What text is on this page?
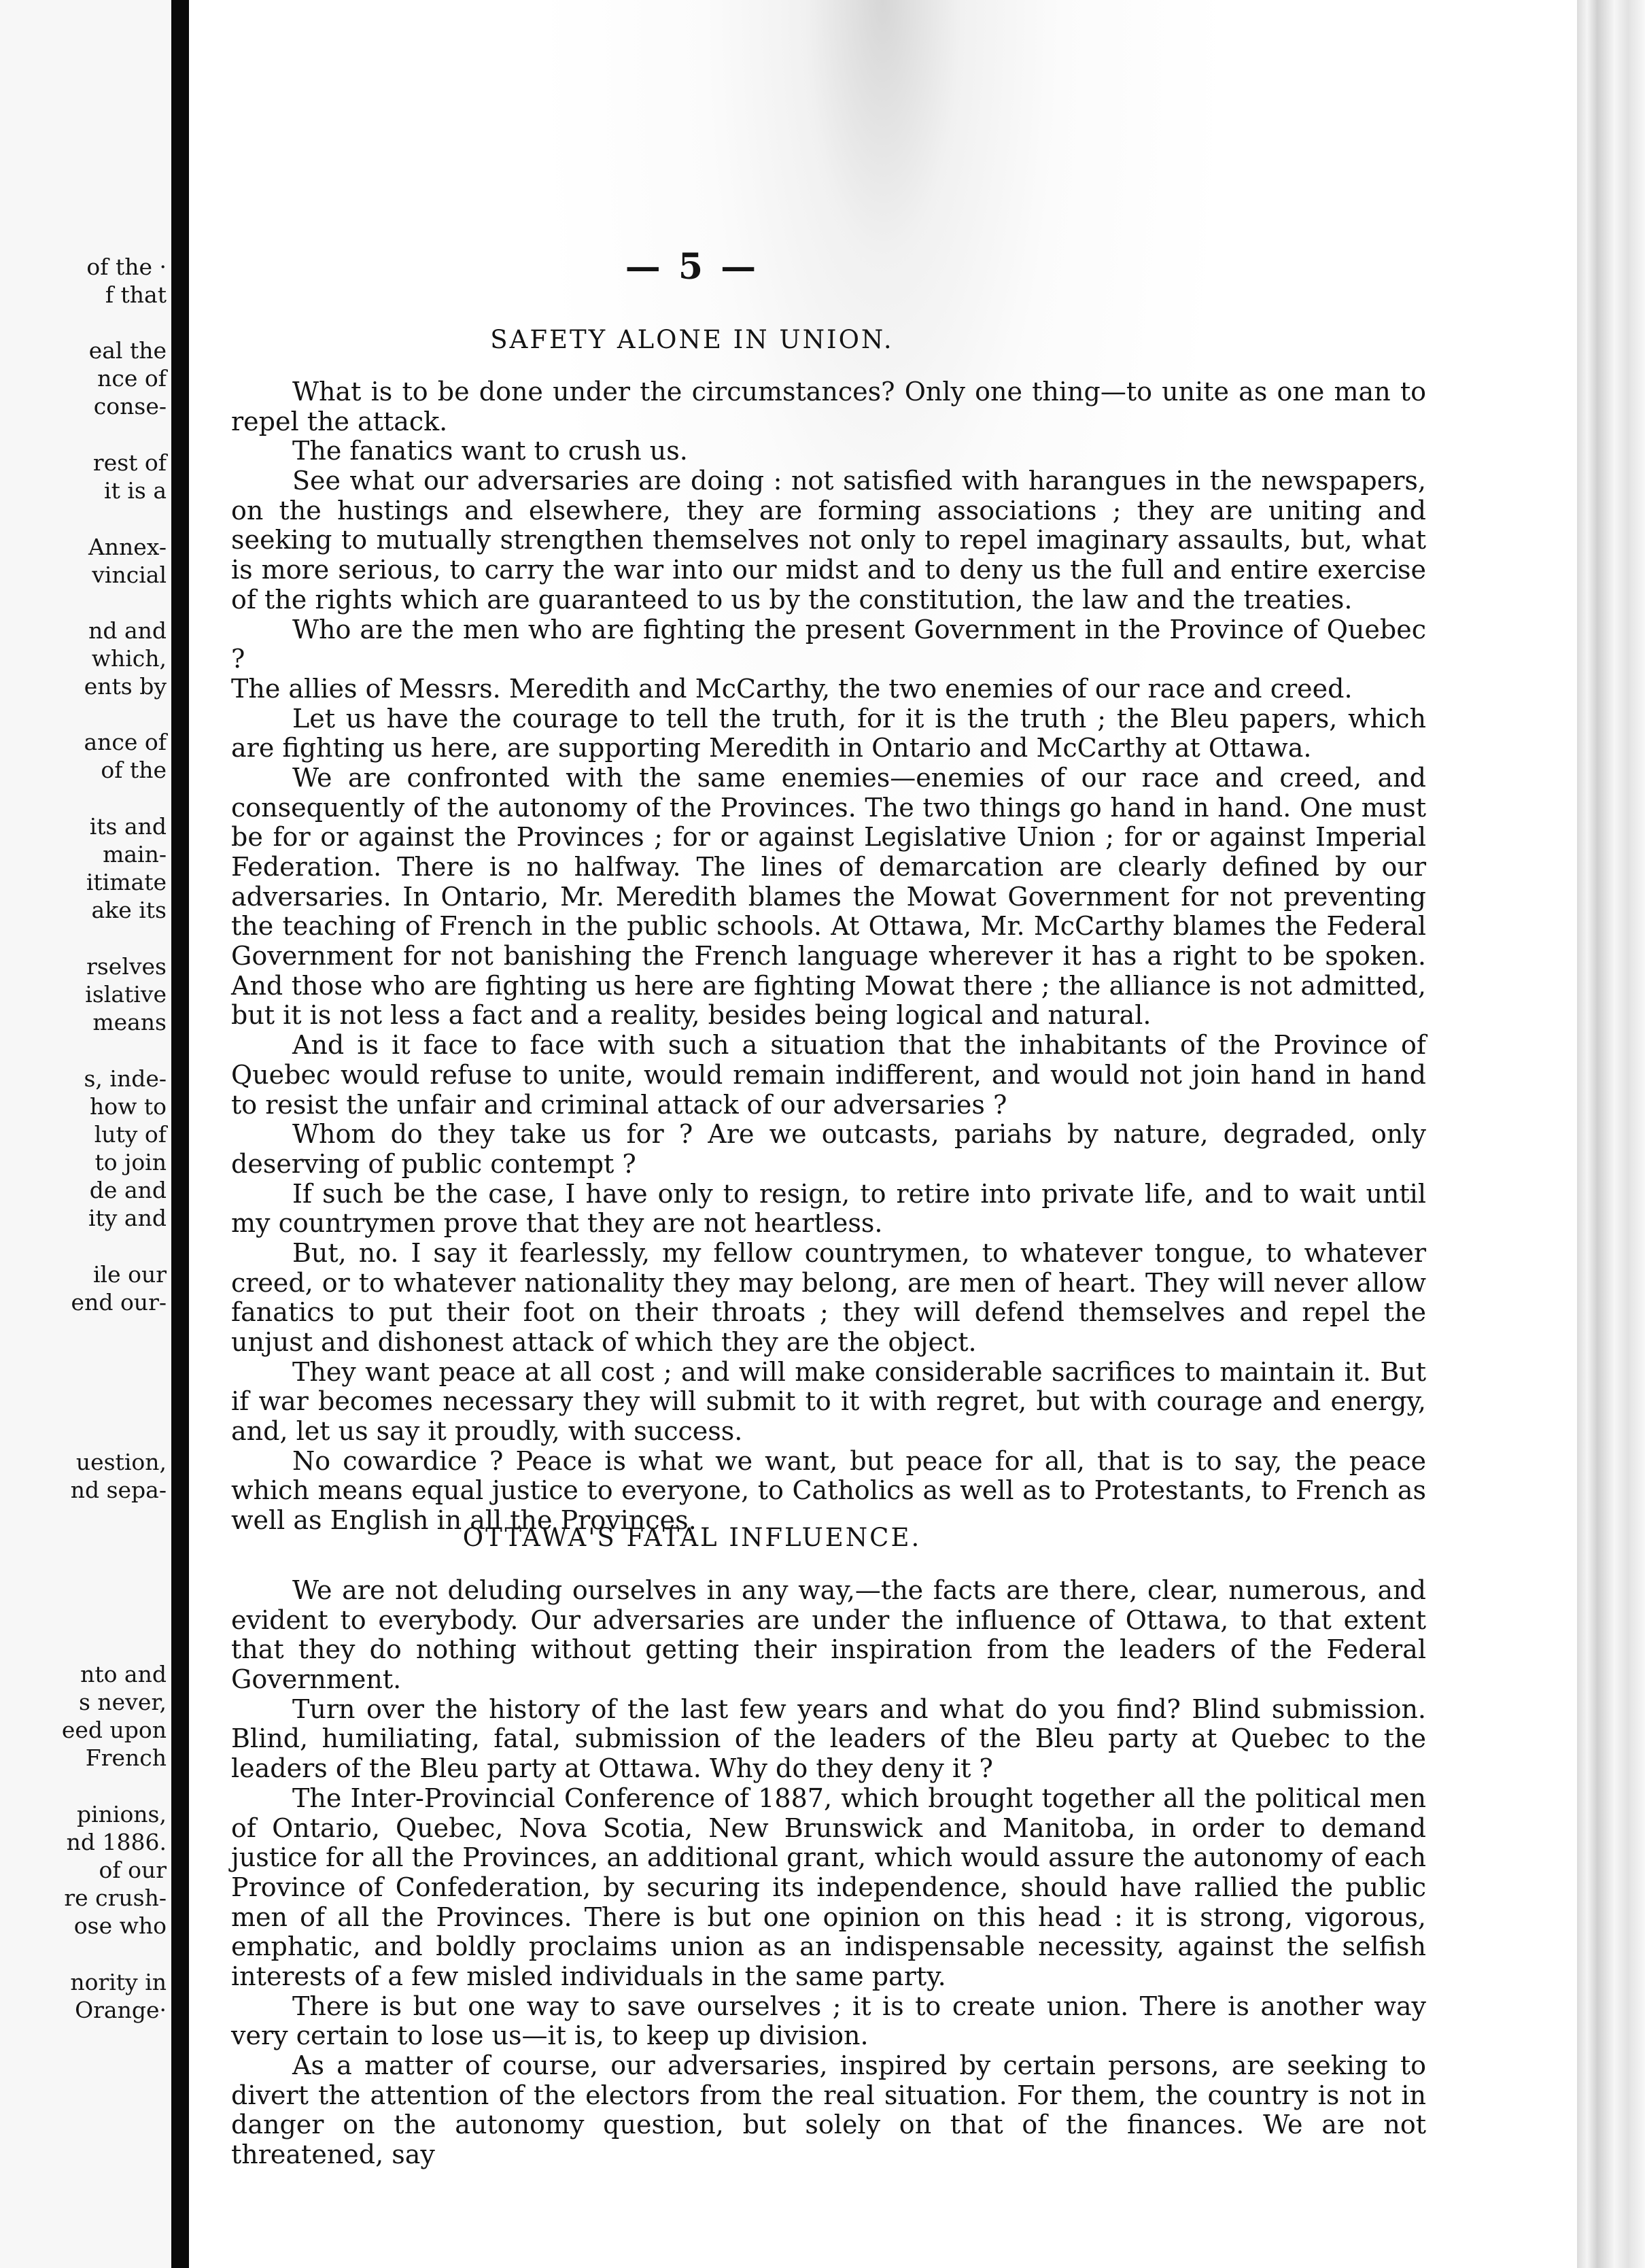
of the ·
f that
eal the
nce of
conse-
rest of
it is a
Annex-
vincial
nd and
which,
ents by
ance of
of the
its and
main-
itimate
ake its
rselves
islative
means
s, inde-
how to
luty of
to join
de and
ity and
ile our
end our-
uestion,
nd sepa-
nto and
s never,
eed upon
French
pinions,
nd 1886.
of our
re crush-
ose who
nority in
Orange·
— 5 —
SAFETY ALONE IN UNION.

What is to be done under the circumstances? Only one thing—to unite as one man to repel the attack.

The fanatics want to crush us.

See what our adversaries are doing : not satisfied with harangues in the newspapers, on the hustings and elsewhere, they are forming associations ; they are uniting and seeking to mutually strengthen themselves not only to repel imaginary assaults, but, what is more serious, to carry the war into our midst and to deny us the full and entire exercise of the rights which are guaranteed to us by the constitution, the law and the treaties.

Who are the men who are fighting the present Government in the Province of Quebec ?

The allies of Messrs. Meredith and McCarthy, the two enemies of our race and creed.

Let us have the courage to tell the truth, for it is the truth ; the Bleu papers, which are fighting us here, are supporting Meredith in Ontario and McCarthy at Ottawa.

We are confronted with the same enemies—enemies of our race and creed, and consequently of the autonomy of the Provinces. The two things go hand in hand. One must be for or against the Provinces ; for or against Legislative Union ; for or against Imperial Federation. There is no halfway. The lines of demarcation are clearly defined by our adversaries. In Ontario, Mr. Meredith blames the Mowat Government for not preventing the teaching of French in the public schools. At Ottawa, Mr. McCarthy blames the Federal Government for not banishing the French language wherever it has a right to be spoken. And those who are fighting us here are fighting Mowat there ; the alliance is not admitted, but it is not less a fact and a reality, besides being logical and natural.

And is it face to face with such a situation that the inhabitants of the Province of Quebec would refuse to unite, would remain indifferent, and would not join hand in hand to resist the unfair and criminal attack of our adversaries ?

Whom do they take us for ? Are we outcasts, pariahs by nature, degraded, only deserving of public contempt ?

If such be the case, I have only to resign, to retire into private life, and to wait until my countrymen prove that they are not heartless.

But, no. I say it fearlessly, my fellow countrymen, to whatever tongue, to whatever creed, or to whatever nationality they may belong, are men of heart. They will never allow fanatics to put their foot on their throats ; they will defend themselves and repel the unjust and dishonest attack of which they are the object.

They want peace at all cost ; and will make considerable sacrifices to maintain it. But if war becomes necessary they will submit to it with regret, but with courage and energy, and, let us say it proudly, with success.

No cowardice ? Peace is what we want, but peace for all, that is to say, the peace which means equal justice to everyone, to Catholics as well as to Protestants, to French as well as English in all the Provinces.

OTTAWA'S FATAL INFLUENCE.

We are not deluding ourselves in any way,—the facts are there, clear, numerous, and evident to everybody. Our adversaries are under the influence of Ottawa, to that extent that they do nothing without getting their inspiration from the leaders of the Federal Government.

Turn over the history of the last few years and what do you find? Blind submission. Blind, humiliating, fatal, submission of the leaders of the Bleu party at Quebec to the leaders of the Bleu party at Ottawa. Why do they deny it ?

The Inter-Provincial Conference of 1887, which brought together all the political men of Ontario, Quebec, Nova Scotia, New Brunswick and Manitoba, in order to demand justice for all the Provinces, an additional grant, which would assure the autonomy of each Province of Confederation, by securing its independence, should have rallied the public men of all the Provinces. There is but one opinion on this head : it is strong, vigorous, emphatic, and boldly proclaims union as an indispensable necessity, against the selfish interests of a few misled individuals in the same party.

There is but one way to save ourselves ; it is to create union. There is another way very certain to lose us—it is, to keep up division.

As a matter of course, our adversaries, inspired by certain persons, are seeking to divert the attention of the electors from the real situation. For them, the country is not in danger on the autonomy question, but solely on that of the finances. We are not threatened, say
